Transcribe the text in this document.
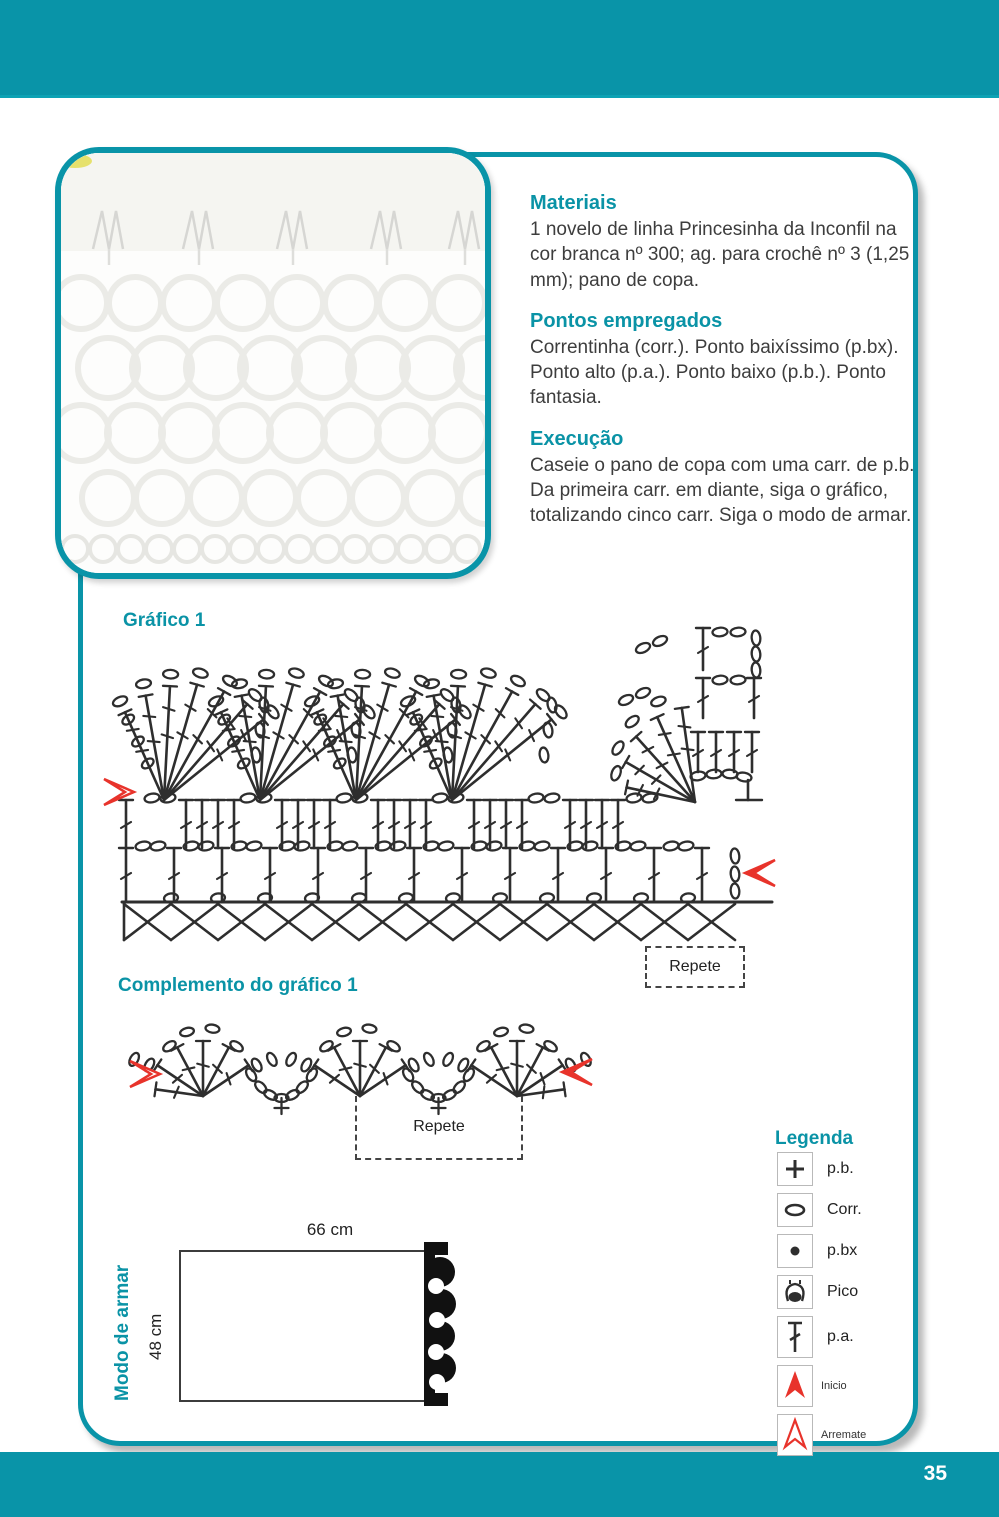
Materiais

1 novelo de linha Princesinha da Inconfil na cor branca nº 300; ag. para crochê nº 3 (1,25 mm); pano de copa.

Pontos empregados

Correntinha (corr.). Ponto baixíssimo (p.bx). Ponto alto (p.a.). Ponto baixo (p.b.). Ponto fantasia.

Execução

Caseie o pano de copa com uma carr. de p.b. Da primeira carr. em diante, siga o gráfico, totalizando cinco carr. Siga o modo de armar.

Gráfico 1
Repete
Complemento do gráfico 1
Repete
Legenda
p.b.
Corr.
p.bx
Pico
p.a.
Inicio
Arremate
Modo de armar 48 cm
66 cm
35
